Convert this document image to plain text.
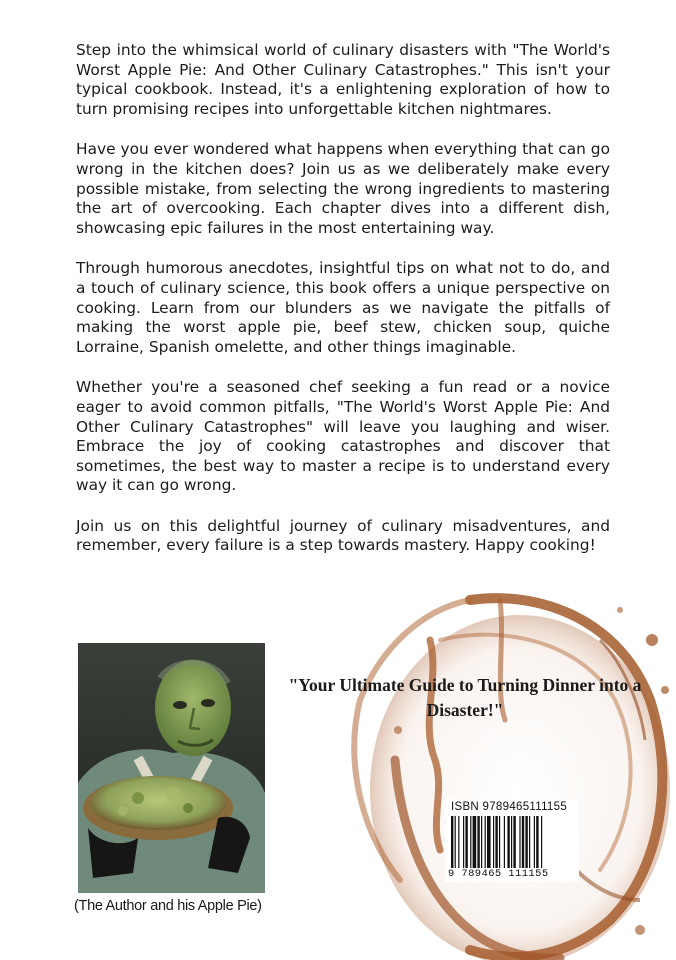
Step into the whimsical world of culinary disasters with "The World's Worst Apple Pie: And Other Culinary Catastrophes." This isn't your typical cookbook. Instead, it's a enlightening exploration of how to turn promising recipes into unforgettable kitchen nightmares.

Have you ever wondered what happens when everything that can go wrong in the kitchen does? Join us as we deliberately make every possible mistake, from selecting the wrong ingredients to mastering the art of overcooking. Each chapter dives into a different dish, showcasing epic failures in the most entertaining way.

Through humorous anecdotes, insightful tips on what not to do, and a touch of culinary science, this book offers a unique perspective on cooking. Learn from our blunders as we navigate the pitfalls of making the worst apple pie, beef stew, chicken soup, quiche Lorraine, Spanish omelette, and other things imaginable.

Whether you're a seasoned chef seeking a fun read or a novice eager to avoid common pitfalls, "The World's Worst Apple Pie: And Other Culinary Catastrophes" will leave you laughing and wiser. Embrace the joy of cooking catastrophes and discover that sometimes, the best way to master a recipe is to understand every way it can go wrong.

Join us on this delightful journey of culinary misadventures, and remember, every failure is a step towards mastery. Happy cooking!

(The Author and his Apple Pie)
"Your Ultimate Guide to Turning Dinner into a Disaster!"
ISBN 9789465111155
9 789465 111155
